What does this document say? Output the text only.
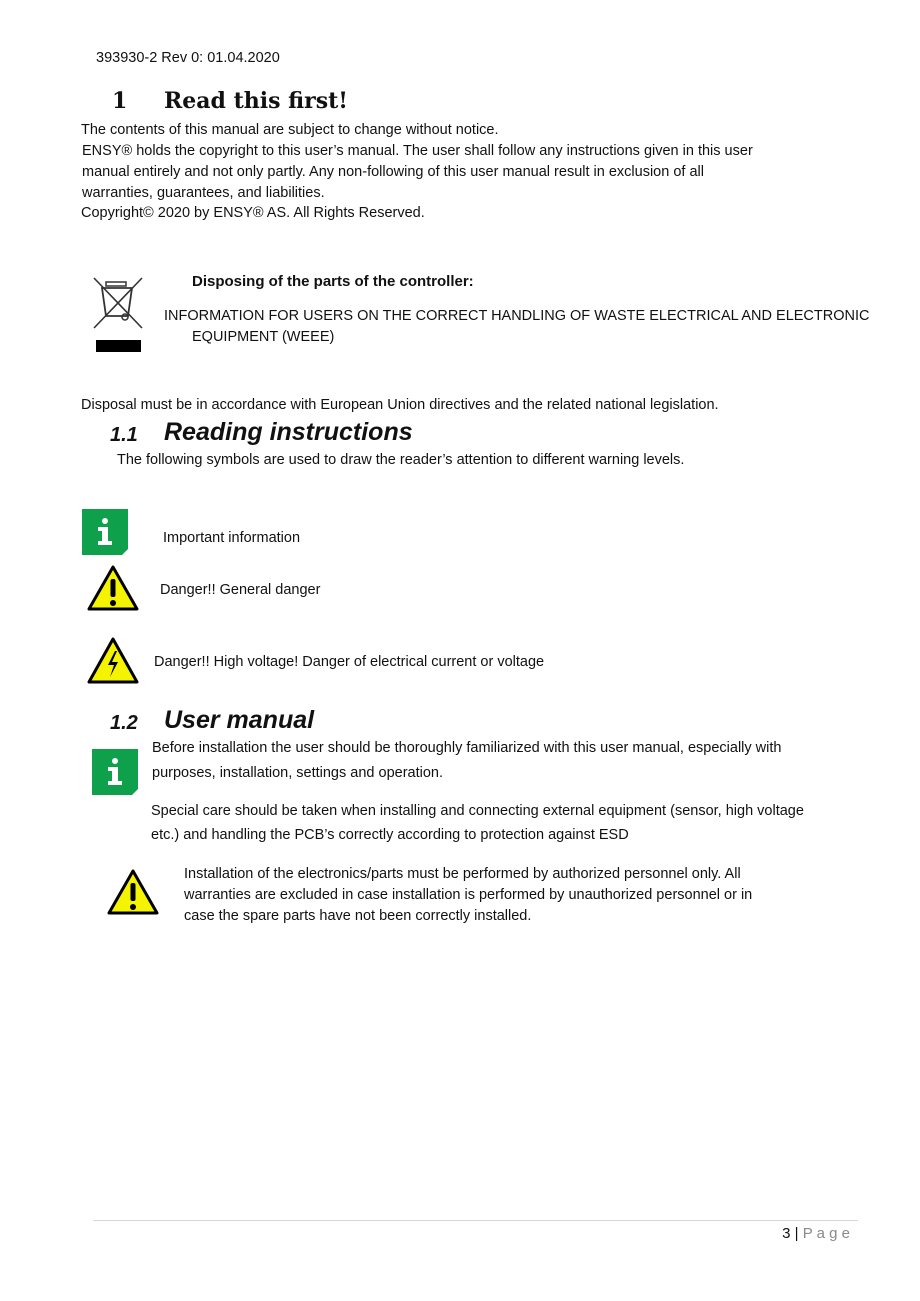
393930-2 Rev 0: 01.04.2020
1 Read this first!
The contents of this manual are subject to change without notice.
ENSY® holds the copyright to this user’s manual. The user shall follow any instructions given in this user
manual entirely and not only partly. Any non-following of this user manual result in exclusion of all
warranties, guarantees, and liabilities.
Copyright© 2020 by ENSY® AS. All Rights Reserved.
Disposing of the parts of the controller:
INFORMATION FOR USERS ON THE CORRECT HANDLING OF WASTE ELECTRICAL AND ELECTRONIC
EQUIPMENT (WEEE)
Disposal must be in accordance with European Union directives and the related national legislation.
1.1 Reading instructions
The following symbols are used to draw the reader’s attention to different warning levels.
Important information
Danger!! General danger
Danger!! High voltage! Danger of electrical current or voltage
1.2 User manual
Before installation the user should be thoroughly familiarized with this user manual, especially with
purposes, installation, settings and operation.
Special care should be taken when installing and connecting external equipment (sensor, high voltage
etc.) and handling the PCB’s correctly according to protection against ESD
Installation of the electronics/parts must be performed by authorized personnel only. All
warranties are excluded in case installation is performed by unauthorized personnel or in
case the spare parts have not been correctly installed.
3 | P a g e
